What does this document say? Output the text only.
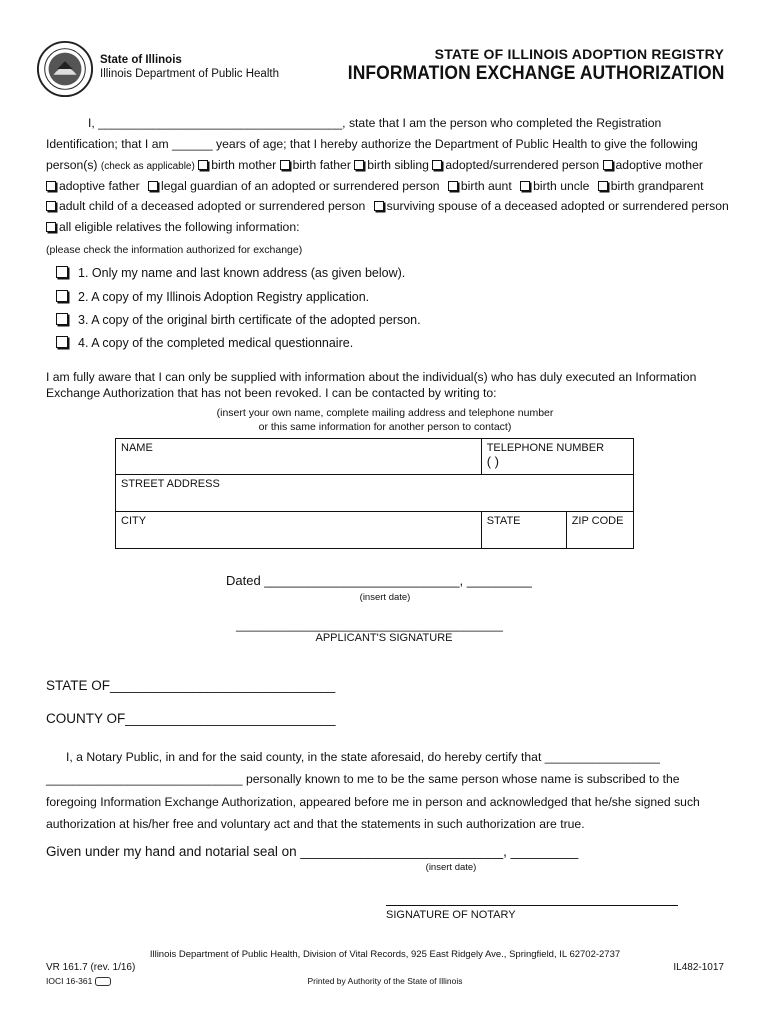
State of Illinois
Illinois Department of Public Health
STATE OF ILLINOIS ADOPTION REGISTRY
INFORMATION EXCHANGE AUTHORIZATION
I, ____________________________________, state that I am the person who completed the Registration
Identification; that I am ______ years of age; that I hereby authorize the Department of Public Health to give the following
person(s) (check as applicable) birth mother birth father birth sibling adopted/surrendered person adoptive mother
adoptive father legal guardian of an adopted or surrendered person birth aunt birth uncle birth grandparent
adult child of a deceased adopted or surrendered person surviving spouse of a deceased adopted or surrendered person
all eligible relatives the following information:
(please check the information authorized for exchange)
1. Only my name and last known address (as given below).
2. A copy of my Illinois Adoption Registry application.
3. A copy of the original birth certificate of the adopted person.
4. A copy of the completed medical questionnaire.
I am fully aware that I can only be supplied with information about the individual(s) who has duly executed an Information
Exchange Authorization that has not been revoked. I can be contacted by writing to:
(insert your own name, complete mailing address and telephone number
or this same information for another person to contact)
NAME	TELEPHONE NUMBER
( )	

STREET ADDRESS		
CITY	STATE	ZIP CODE
Dated ___________________________, _________
(insert date)
________________________________________
APPLICANT'S SIGNATURE
STATE OF______________________________
COUNTY OF____________________________
I, a Notary Public, in and for the said county, in the state aforesaid, do hereby certify that _________________
_____________________________ personally known to me to be the same person whose name is subscribed to the
foregoing Information Exchange Authorization, appeared before me in person and acknowledged that he/she signed such
authorization at his/her free and voluntary act and that the statements in such authorization are true.
Given under my hand and notarial seal on ___________________________, _________
(insert date)
SIGNATURE OF NOTARY
Illinois Department of Public Health, Division of Vital Records, 925 East Ridgely Ave., Springfield, IL 62702-2737
VR 161.7 (rev. 1/16)	IL482-1017
IOCI 16-361	Printed by Authority of the State of Illinois
